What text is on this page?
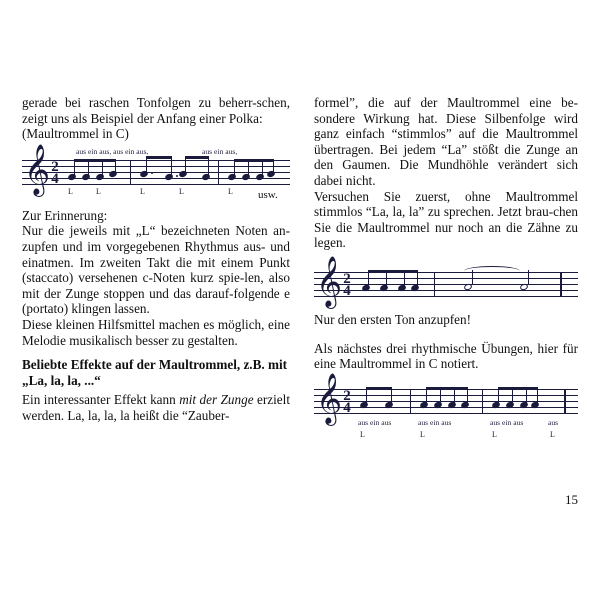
gerade bei raschen Tonfolgen zu beherr-schen, zeigt uns als Beispiel der Anfang einer Polka:

(Maultrommel in C)

aus ein aus, aus ein aus,	aus ein aus,
𝄞 2
4
L	L	L	L	L usw.

Zur Erinnerung:

Nur die jeweils mit „L“ bezeichneten Noten an-zupfen und im vorgegebenen Rhythmus aus- und einatmen. Im zweiten Takt die mit einem Punkt (staccato) versehenen c-Noten kurz spie-len, also mit der Zunge stoppen und das darauf-folgende e (portato) klingen lassen.

Diese kleinen Hilfsmittel machen es möglich, eine Melodie musikalisch besser zu gestalten.

Beliebte Effekte auf der Maultrommel, z.B. mit „La, la, la, ...“

Ein interessanter Effekt kann mit der Zunge erzielt werden. La, la, la, la heißt die “Zauber-

formel”, die auf der Maultrommel eine be-sondere Wirkung hat. Diese Silbenfolge wird ganz einfach “stimmlos” auf die Maultrommel übertragen. Bei jedem “La” stößt die Zunge an den Gaumen. Die Mundhöhle verändert sich dabei nicht.

Versuchen Sie zuerst, ohne Maultrommel stimmlos “La, la, la” zu sprechen. Jetzt brau-chen Sie die Maultrommel nur noch an die Zähne zu legen.

𝄞 2
4

Nur den ersten Ton anzupfen!

Als nächstes drei rhythmische Übungen, hier für eine Maultrommel in C notiert.

𝄞 2
4
aus ein aus	aus ein aus	aus ein aus	aus
L	L	L	L
15
